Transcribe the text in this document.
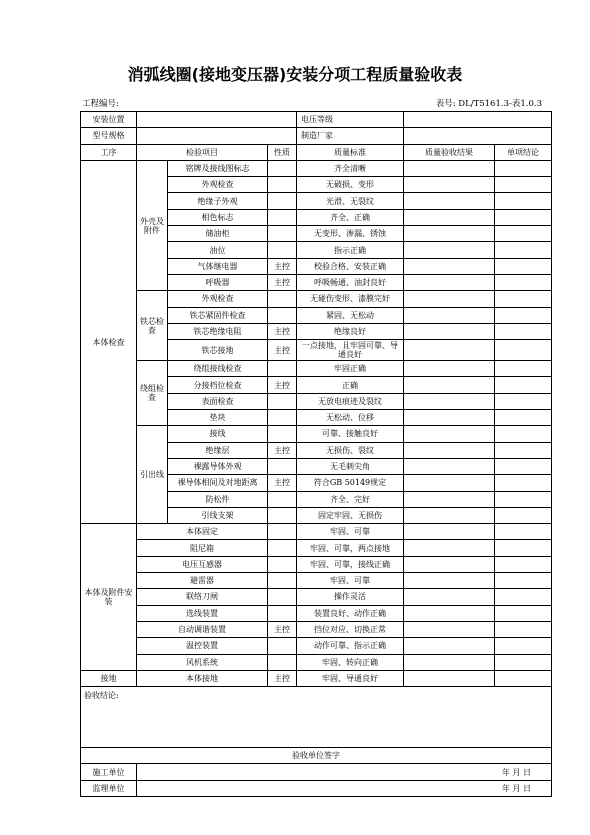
消弧线圈(接地变压器)安装分项工程质量验收表
工程编号:	表号: DL/T5161.3-表1.0.3
安装位置				电压等级		
型号规格				制造厂家		
工序	检验项目		性质	质量标准	质量验收结果	单项结论
本体检查	外壳及附件	铭牌及接线图标志		齐全清晰		
		外观检查		无破损、变形		
		绝缘子外观		光滑、无裂纹		
		相色标志		齐全、正确		
		储油柜		无变形、渗漏、锈蚀		
		油位		指示正确		
		气体继电器	主控	校验合格、安装正确		
		呼吸器	主控	呼吸畅通、油封良好		
	铁芯检查	外观检查		无碰伤变形、漆膜完好		
		铁芯紧固件检查		紧固、无松动		
		铁芯绝缘电阻	主控	绝缘良好		
		铁芯接地	主控	一点接地，且牢固可靠、导通良好		
	绕组检查	绕组接线检查		牢固正确		
		分接档位检查	主控	正确		
		表面检查		无放电痕迹及裂纹		
		垫块		无松动、位移		
	引出线	接线		可靠、接触良好		
		绝缘层	主控	无损伤、裂纹		
		裸露导体外观		无毛刺尖角		
		裸导体相间及对地距离	主控	符合GB 50149规定		
		防松件		齐全、完好		
		引线支架		固定牢固、无损伤		
本体及附件安装	本体固定			牢固、可靠		
	阻尼箱			牢固、可靠，两点接地		
	电压互感器			牢固、可靠，接线正确		
	避雷器			牢固、可靠		
	联络刀闸			操作灵活		
	选线装置			装置良好、动作正确		
	自动调谐装置		主控	挡位对应、切换正常		
	温控装置			动作可靠、指示正确		
	风机系统			牢固、转向正确		
接地	本体接地		主控	牢固、导通良好		
验收结论:						
验收单位签字						
施工单位	年 月 日					
监理单位	年 月 日					
